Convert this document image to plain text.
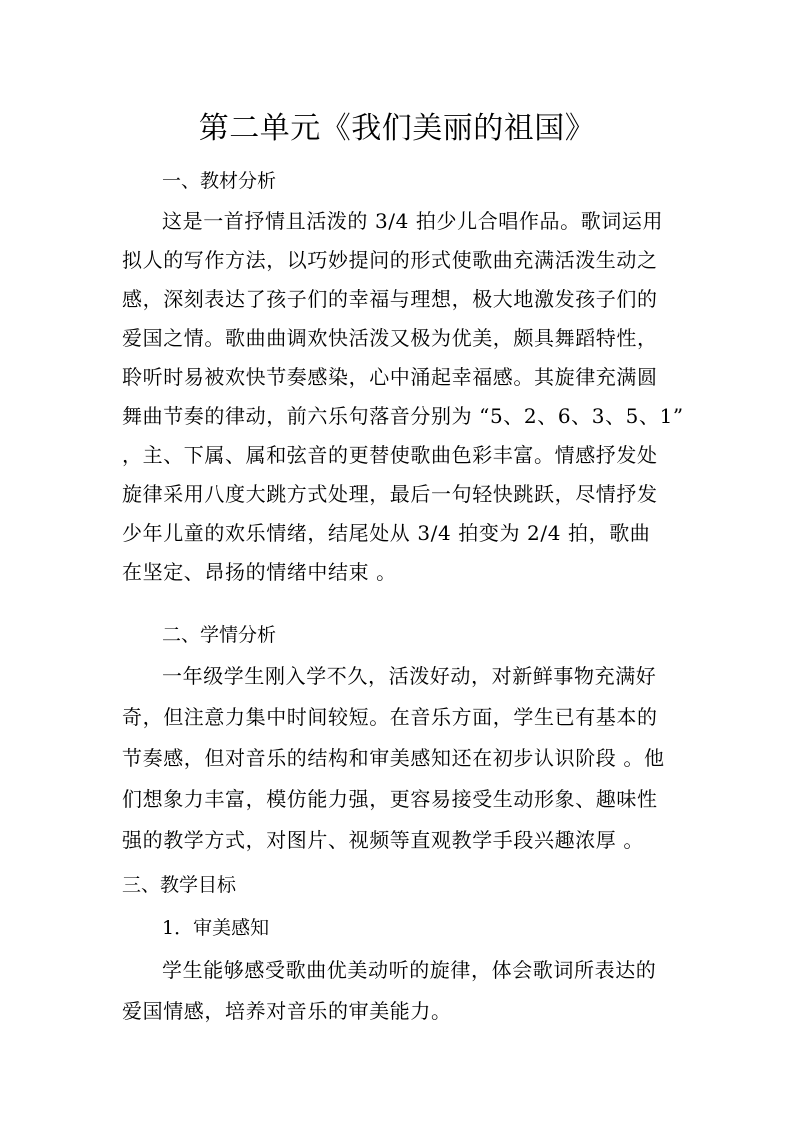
第二单元《我们美丽的祖国》
一、教材分析
这是一首抒情且活泼的 3/4 拍少儿合唱作品。歌词运用
拟人的写作方法，以巧妙提问的形式使歌曲充满活泼生动之
感，深刻表达了孩子们的幸福与理想，极大地激发孩子们的
爱国之情。歌曲曲调欢快活泼又极为优美，颇具舞蹈特性，
聆听时易被欢快节奏感染，心中涌起幸福感。其旋律充满圆
舞曲节奏的律动，前六乐句落音分别为 “5、2、6、3、5、1”
，主、下属、属和弦音的更替使歌曲色彩丰富。情感抒发处
旋律采用八度大跳方式处理，最后一句轻快跳跃，尽情抒发
少年儿童的欢乐情绪，结尾处从 3/4 拍变为 2/4 拍，歌曲
在坚定、昂扬的情绪中结束 。
二、学情分析
一年级学生刚入学不久，活泼好动，对新鲜事物充满好
奇，但注意力集中时间较短。在音乐方面，学生已有基本的
节奏感，但对音乐的结构和审美感知还在初步认识阶段 。他
们想象力丰富，模仿能力强，更容易接受生动形象、趣味性
强的教学方式，对图片、视频等直观教学手段兴趣浓厚 。
三、教学目标
1．审美感知
学生能够感受歌曲优美动听的旋律，体会歌词所表达的
爱国情感，培养对音乐的审美能力。
